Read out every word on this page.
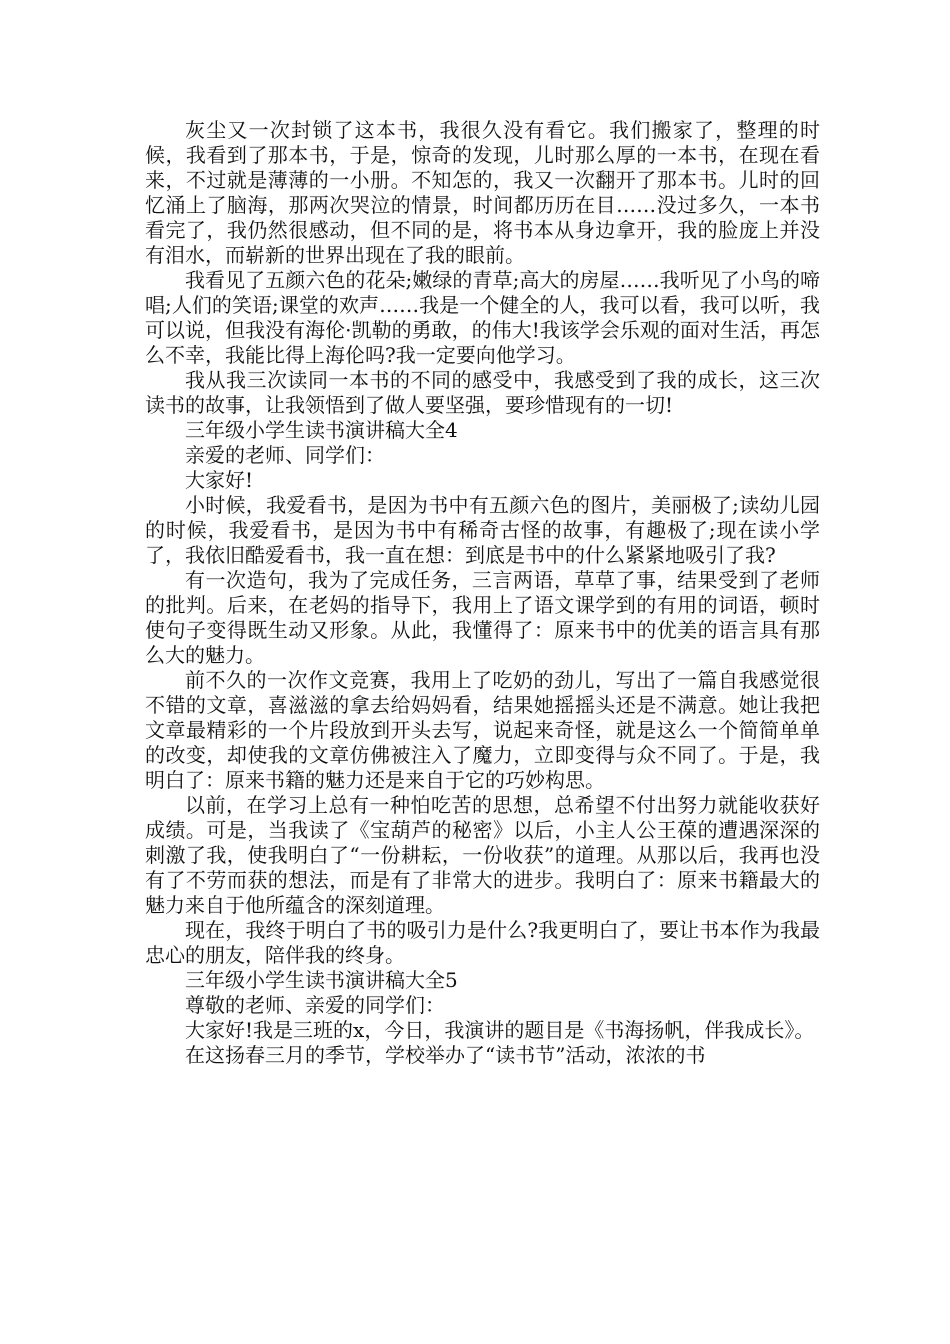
灰尘又一次封锁了这本书，我很久没有看它。我们搬家了，整理的时候，我看到了那本书，于是，惊奇的发现，儿时那么厚的一本书，在现在看来，不过就是薄薄的一小册。不知怎的，我又一次翻开了那本书。儿时的回忆涌上了脑海，那两次哭泣的情景，时间都历历在目……没过多久，一本书看完了，我仍然很感动，但不同的是，将书本从身边拿开，我的脸庞上并没有泪水，而崭新的世界出现在了我的眼前。

我看见了五颜六色的花朵;嫩绿的青草;高大的房屋……我听见了小鸟的啼唱;人们的笑语;课堂的欢声……我是一个健全的人，我可以看，我可以听，我可以说，但我没有海伦·凯勒的勇敢，的伟大!我该学会乐观的面对生活，再怎么不幸，我能比得上海伦吗?我一定要向他学习。

我从我三次读同一本书的不同的感受中，我感受到了我的成长，这三次读书的故事，让我领悟到了做人要坚强，要珍惜现有的一切!

三年级小学生读书演讲稿大全4

亲爱的老师、同学们：

大家好!

小时候，我爱看书，是因为书中有五颜六色的图片，美丽极了;读幼儿园的时候，我爱看书，是因为书中有稀奇古怪的故事，有趣极了;现在读小学了，我依旧酷爱看书，我一直在想：到底是书中的什么紧紧地吸引了我?

有一次造句，我为了完成任务，三言两语，草草了事，结果受到了老师的批判。后来，在老妈的指导下，我用上了语文课学到的有用的词语，顿时使句子变得既生动又形象。从此，我懂得了：原来书中的优美的语言具有那么大的魅力。

前不久的一次作文竞赛，我用上了吃奶的劲儿，写出了一篇自我感觉很不错的文章，喜滋滋的拿去给妈妈看，结果她摇摇头还是不满意。她让我把文章最精彩的一个片段放到开头去写，说起来奇怪，就是这么一个简简单单的改变，却使我的文章仿佛被注入了魔力，立即变得与众不同了。于是，我明白了：原来书籍的魅力还是来自于它的巧妙构思。

以前，在学习上总有一种怕吃苦的思想，总希望不付出努力就能收获好成绩。可是，当我读了《宝葫芦的秘密》以后，小主人公王葆的遭遇深深的刺激了我，使我明白了“一份耕耘，一份收获”的道理。从那以后，我再也没有了不劳而获的想法，而是有了非常大的进步。我明白了：原来书籍最大的魅力来自于他所蕴含的深刻道理。

现在，我终于明白了书的吸引力是什么?我更明白了，要让书本作为我最忠心的朋友，陪伴我的终身。

三年级小学生读书演讲稿大全5

尊敬的老师、亲爱的同学们：

大家好!我是三班的x，今日，我演讲的题目是《书海扬帆，伴我成长》。

在这扬春三月的季节，学校举办了“读书节”活动，浓浓的书
